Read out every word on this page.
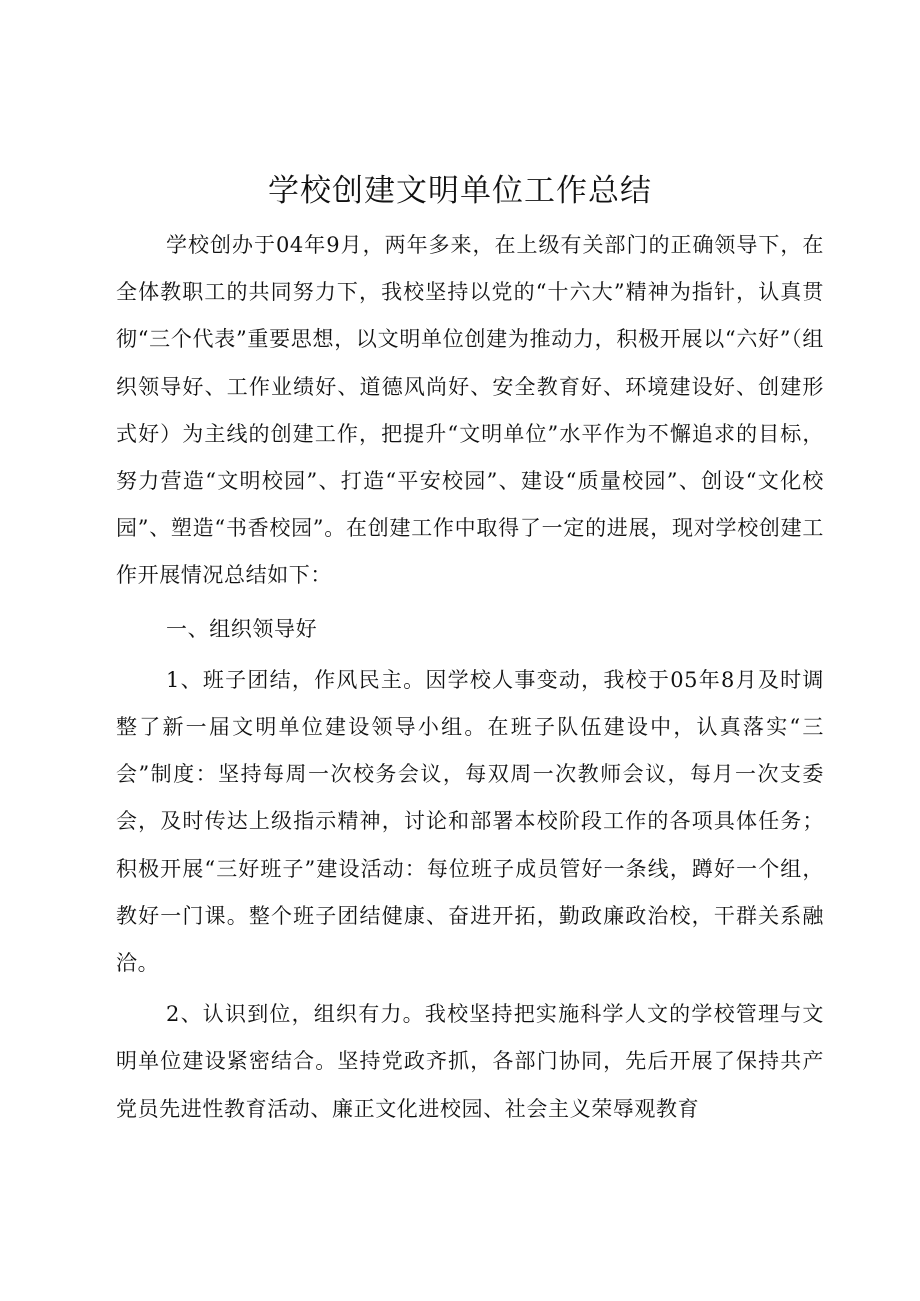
学校创建文明单位工作总结

学校创办于04年9月，两年多来，在上级有关部门的正确领导下，在全体教职工的共同努力下，我校坚持以党的“十六大”精神为指针，认真贯彻“三个代表”重要思想，以文明单位创建为推动力，积极开展以“六好”（组织领导好、工作业绩好、道德风尚好、安全教育好、环境建设好、创建形式好）为主线的创建工作，把提升“文明单位”水平作为不懈追求的目标，努力营造“文明校园”、打造“平安校园”、建设“质量校园”、创设“文化校园”、塑造“书香校园”。在创建工作中取得了一定的进展，现对学校创建工作开展情况总结如下：

一、组织领导好

1、班子团结，作风民主。因学校人事变动，我校于05年8月及时调整了新一届文明单位建设领导小组。在班子队伍建设中，认真落实“三会”制度：坚持每周一次校务会议，每双周一次教师会议，每月一次支委会，及时传达上级指示精神，讨论和部署本校阶段工作的各项具体任务；积极开展“三好班子”建设活动：每位班子成员管好一条线，蹲好一个组，教好一门课。整个班子团结健康、奋进开拓，勤政廉政治校，干群关系融洽。

2、认识到位，组织有力。我校坚持把实施科学人文的学校管理与文明单位建设紧密结合。坚持党政齐抓，各部门协同，先后开展了保持共产党员先进性教育活动、廉正文化进校园、社会主义荣辱观教育
